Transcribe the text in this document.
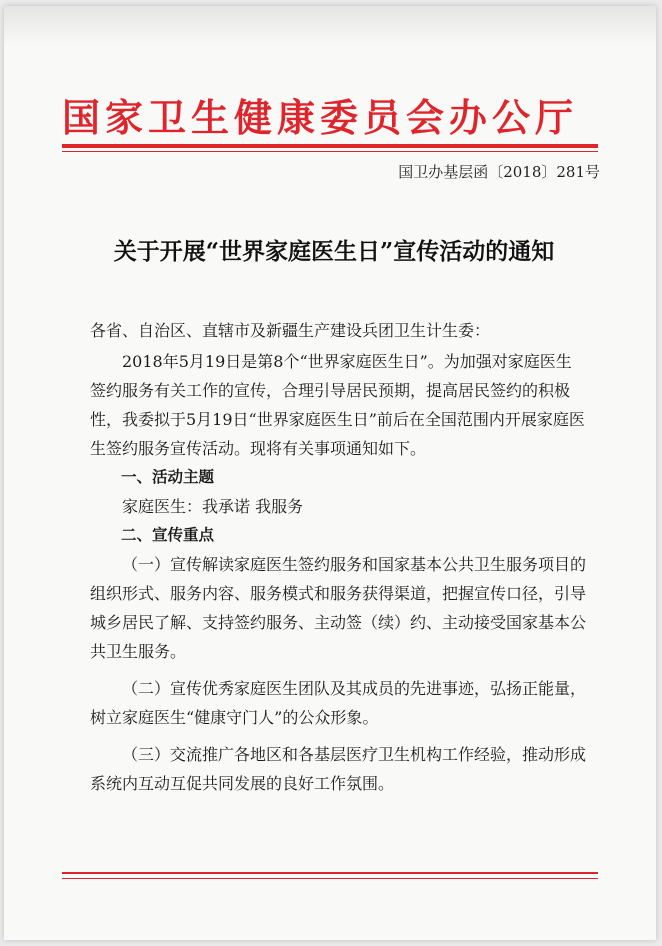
国家卫生健康委员会办公厅
国卫办基层函〔2018〕281号
关于开展“世界家庭医生日”宣传活动的通知

各省、自治区、直辖市及新疆生产建设兵团卫生计生委：

2018年5月19日是第8个“世界家庭医生日”。为加强对家庭医生签约服务有关工作的宣传，合理引导居民预期，提高居民签约的积极性，我委拟于5月19日“世界家庭医生日”前后在全国范围内开展家庭医生签约服务宣传活动。现将有关事项通知如下。

一、活动主题

家庭医生：我承诺 我服务

二、宣传重点

（一）宣传解读家庭医生签约服务和国家基本公共卫生服务项目的组织形式、服务内容、服务模式和服务获得渠道，把握宣传口径，引导城乡居民了解、支持签约服务、主动签（续）约、主动接受国家基本公共卫生服务。

（二）宣传优秀家庭医生团队及其成员的先进事迹，弘扬正能量，树立家庭医生“健康守门人”的公众形象。

（三）交流推广各地区和各基层医疗卫生机构工作经验，推动形成系统内互动互促共同发展的良好工作氛围。
